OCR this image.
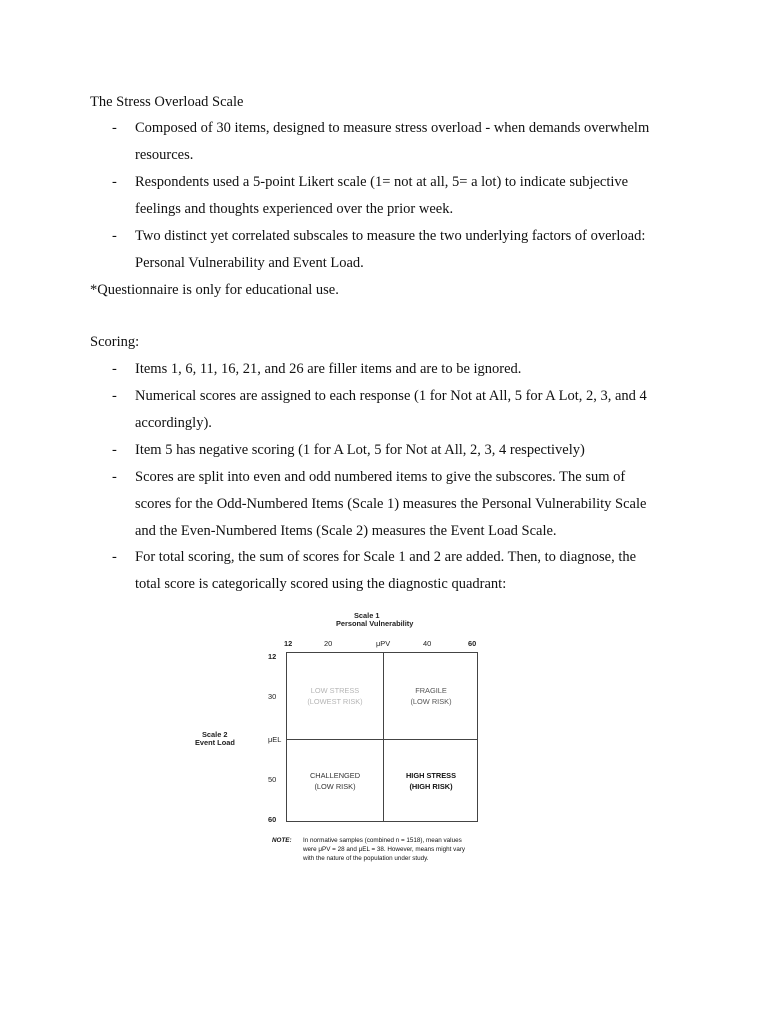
The Stress Overload Scale
- Composed of 30 items, designed to measure stress overload - when demands overwhelm
resources.
- Respondents used a 5-point Likert scale (1= not at all, 5= a lot) to indicate subjective
feelings and thoughts experienced over the prior week.
- Two distinct yet correlated subscales to measure the two underlying factors of overload:
Personal Vulnerability and Event Load.
*Questionnaire is only for educational use.
Scoring:
- Items 1, 6, 11, 16, 21, and 26 are filler items and are to be ignored.
- Numerical scores are assigned to each response (1 for Not at All, 5 for A Lot, 2, 3, and 4
accordingly).
- Item 5 has negative scoring (1 for A Lot, 5 for Not at All, 2, 3, 4 respectively)
- Scores are split into even and odd numbered items to give the subscores. The sum of
scores for the Odd-Numbered Items (Scale 1) measures the Personal Vulnerability Scale
and the Even-Numbered Items (Scale 2) measures the Event Load Scale.
- For total scoring, the sum of scores for Scale 1 and 2 are added. Then, to diagnose, the
total score is categorically scored using the diagnostic quadrant:
Scale 1
Personal Vulnerability
12	20	μPV	40	60
12
30
μEL
50
60
Scale 2
Event Load
LOW STRESS
(LOWEST RISK)
FRAGILE
(LOW RISK)
CHALLENGED
(LOW RISK)
HIGH STRESS
(HIGH RISK)
NOTE: In normative samples (combined n = 1518), mean values
were μPV = 28 and μEL = 38. However, means might vary
with the nature of the population under study.
